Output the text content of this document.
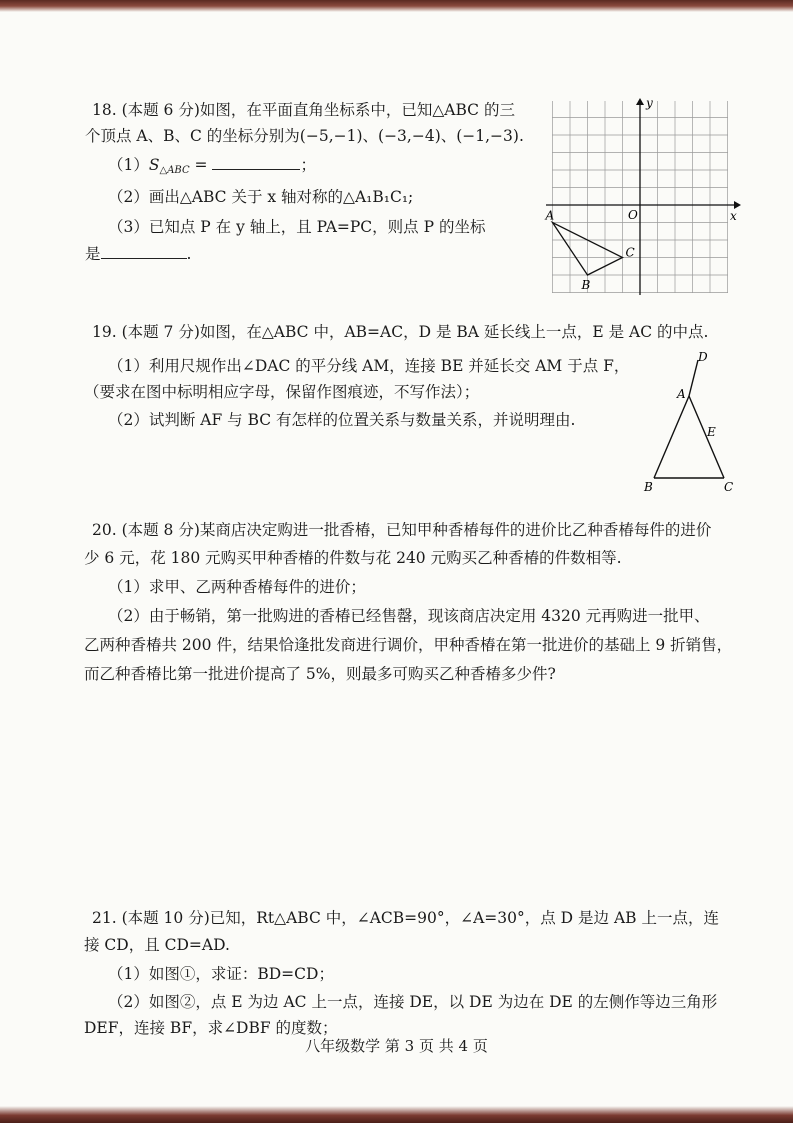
18. (本题 6 分)如图，在平面直角坐标系中，已知△ABC 的三
个顶点 A、B、C 的坐标分别为(−5,−1)、(−3,−4)、(−1,−3).
$(1)S_{\triangle ABC}$ =	；
（2）画出△ABC 关于 x 轴对称的△A₁B₁C₁;
（3）已知点 P 在 y 轴上，且 PA=PC，则点 P 的坐标
是	.
x
y
O
A
B
C
19. (本题 7 分)如图，在△ABC 中，AB=AC，D 是 BA 延长线上一点，E 是 AC 的中点.
（1）利用尺规作出∠DAC 的平分线 AM，连接 BE 并延长交 AM 于点 F，
（要求在图中标明相应字母，保留作图痕迹，不写作法）；
（2）试判断 AF 与 BC 有怎样的位置关系与数量关系，并说明理由.
D
A
E
B	C
20. (本题 8 分)某商店决定购进一批香椿，已知甲种香椿每件的进价比乙种香椿每件的进价
少 6 元，花 180 元购买甲种香椿的件数与花 240 元购买乙种香椿的件数相等.
（1）求甲、乙两种香椿每件的进价；
（2）由于畅销，第一批购进的香椿已经售罄，现该商店决定用 4320 元再购进一批甲、
乙两种香椿共 200 件，结果恰逢批发商进行调价，甲种香椿在第一批进价的基础上 9 折销售，
而乙种香椿比第一批进价提高了 5%，则最多可购买乙种香椿多少件?
21. (本题 10 分)已知，Rt△ABC 中，∠ACB=90°，∠A=30°，点 D 是边 AB 上一点，连
接 CD，且 CD=AD.
（1）如图①，求证：BD=CD；
（2）如图②，点 E 为边 AC 上一点，连接 DE，以 DE 为边在 DE 的左侧作等边三角形
DEF，连接 BF，求∠DBF 的度数；
八年级数学 第 3 页 共 4 页
